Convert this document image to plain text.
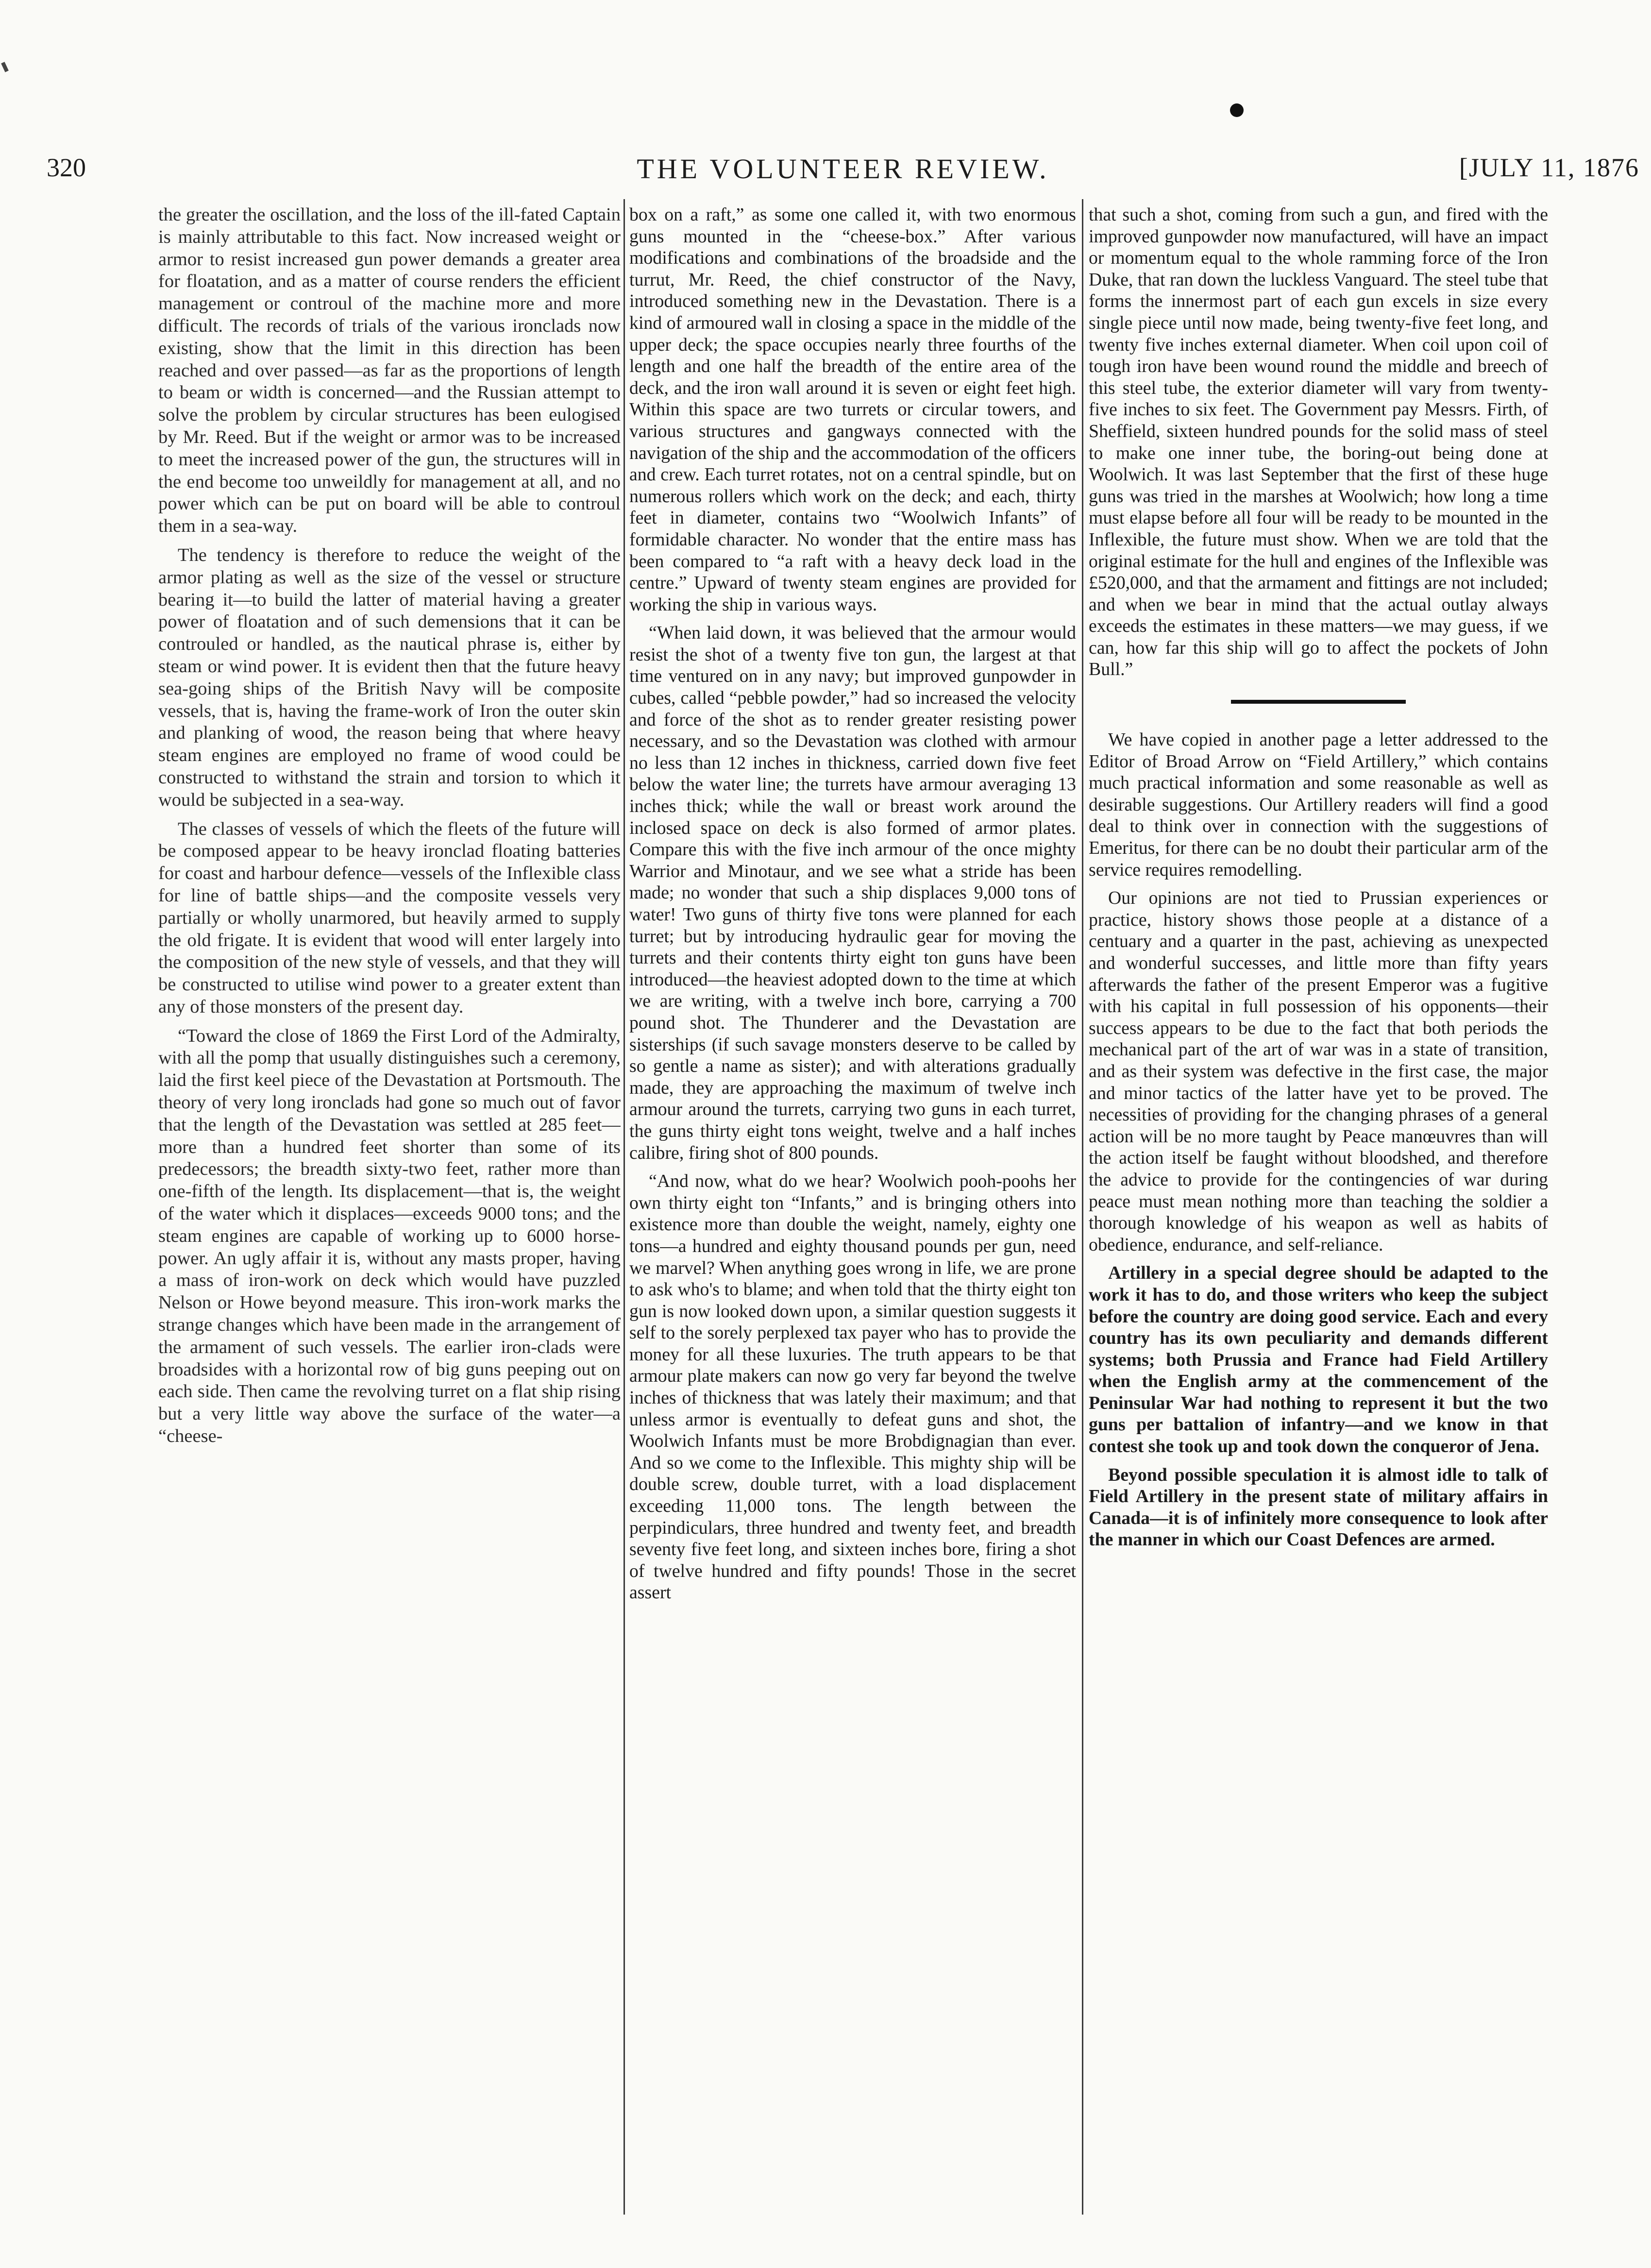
320	THE VOLUNTEER REVIEW.	[JULY 11, 1876

the greater the oscillation, and the loss of the ill-fated Captain is mainly attributable to this fact. Now increased weight or armor to resist increased gun power demands a greater area for floatation, and as a matter of course renders the efficient management or controul of the machine more and more difficult. The records of trials of the various ironclads now existing, show that the limit in this direction has been reached and over passed—as far as the proportions of length to beam or width is concerned—and the Russian attempt to solve the problem by circular structures has been eulogised by Mr. Reed. But if the weight or armor was to be increased to meet the increased power of the gun, the structures will in the end become too unweildly for management at all, and no power which can be put on board will be able to controul them in a sea-way.

The tendency is therefore to reduce the weight of the armor plating as well as the size of the vessel or structure bearing it—to build the latter of material having a greater power of floatation and of such demensions that it can be controuled or handled, as the nautical phrase is, either by steam or wind power. It is evident then that the future heavy sea-going ships of the British Navy will be composite vessels, that is, having the frame-work of Iron the outer skin and planking of wood, the reason being that where heavy steam engines are employed no frame of wood could be constructed to withstand the strain and torsion to which it would be subjected in a sea-way.

The classes of vessels of which the fleets of the future will be composed appear to be heavy ironclad floating batteries for coast and harbour defence—vessels of the Inflexible class for line of battle ships—and the composite vessels very partially or wholly unarmored, but heavily armed to supply the old frigate. It is evident that wood will enter largely into the composition of the new style of vessels, and that they will be constructed to utilise wind power to a greater extent than any of those monsters of the present day.

“Toward the close of 1869 the First Lord of the Admiralty, with all the pomp that usually distinguishes such a ceremony, laid the first keel piece of the Devastation at Portsmouth. The theory of very long ironclads had gone so much out of favor that the length of the Devastation was settled at 285 feet—more than a hundred feet shorter than some of its predecessors; the breadth sixty-two feet, rather more than one-fifth of the length. Its displacement—that is, the weight of the water which it displaces—exceeds 9000 tons; and the steam engines are capable of working up to 6000 horse-power. An ugly affair it is, without any masts proper, having a mass of iron-work on deck which would have puzzled Nelson or Howe beyond measure. This iron-work marks the strange changes which have been made in the arrangement of the armament of such vessels. The earlier iron-clads were broadsides with a horizontal row of big guns peeping out on each side. Then came the revolving turret on a flat ship rising but a very little way above the surface of the water—a “cheese-

box on a raft,” as some one called it, with two enormous guns mounted in the “cheese-box.” After various modifications and combinations of the broadside and the turrut, Mr. Reed, the chief constructor of the Navy, introduced something new in the Devastation. There is a kind of armoured wall in closing a space in the middle of the upper deck; the space occupies nearly three fourths of the length and one half the breadth of the entire area of the deck, and the iron wall around it is seven or eight feet high. Within this space are two turrets or circular towers, and various structures and gangways connected with the navigation of the ship and the accommodation of the officers and crew. Each turret rotates, not on a central spindle, but on numerous rollers which work on the deck; and each, thirty feet in diameter, contains two “Woolwich Infants” of formidable character. No wonder that the entire mass has been compared to “a raft with a heavy deck load in the centre.” Upward of twenty steam engines are provided for working the ship in various ways.

“When laid down, it was believed that the armour would resist the shot of a twenty five ton gun, the largest at that time ventured on in any navy; but improved gunpowder in cubes, called “pebble powder,” had so increased the velocity and force of the shot as to render greater resisting power necessary, and so the Devastation was clothed with armour no less than 12 inches in thickness, carried down five feet below the water line; the turrets have armour averaging 13 inches thick; while the wall or breast work around the inclosed space on deck is also formed of armor plates. Compare this with the five inch armour of the once mighty Warrior and Minotaur, and we see what a stride has been made; no wonder that such a ship displaces 9,000 tons of water! Two guns of thirty five tons were planned for each turret; but by introducing hydraulic gear for moving the turrets and their contents thirty eight ton guns have been introduced—the heaviest adopted down to the time at which we are writing, with a twelve inch bore, carrying a 700 pound shot. The Thunderer and the Devastation are sisterships (if such savage monsters deserve to be called by so gentle a name as sister); and with alterations gradually made, they are approaching the maximum of twelve inch armour around the turrets, carrying two guns in each turret, the guns thirty eight tons weight, twelve and a half inches calibre, firing shot of 800 pounds.

“And now, what do we hear? Woolwich pooh-poohs her own thirty eight ton “Infants,” and is bringing others into existence more than double the weight, namely, eighty one tons—a hundred and eighty thousand pounds per gun, need we marvel? When anything goes wrong in life, we are prone to ask who's to blame; and when told that the thirty eight ton gun is now looked down upon, a similar question suggests it self to the sorely perplexed tax payer who has to provide the money for all these luxuries. The truth appears to be that armour plate makers can now go very far beyond the twelve inches of thickness that was lately their maximum; and that unless armor is eventually to defeat guns and shot, the Woolwich Infants must be more Brobdignagian than ever. And so we come to the Inflexible. This mighty ship will be double screw, double turret, with a load displacement exceeding 11,000 tons. The length between the perpindiculars, three hundred and twenty feet, and breadth seventy five feet long, and sixteen inches bore, firing a shot of twelve hundred and fifty pounds! Those in the secret assert

that such a shot, coming from such a gun, and fired with the improved gunpowder now manufactured, will have an impact or momentum equal to the whole ramming force of the Iron Duke, that ran down the luckless Vanguard. The steel tube that forms the innermost part of each gun excels in size every single piece until now made, being twenty-five feet long, and twenty five inches external diameter. When coil upon coil of tough iron have been wound round the middle and breech of this steel tube, the exterior diameter will vary from twenty-five inches to six feet. The Government pay Messrs. Firth, of Sheffield, sixteen hundred pounds for the solid mass of steel to make one inner tube, the boring-out being done at Woolwich. It was last September that the first of these huge guns was tried in the marshes at Woolwich; how long a time must elapse before all four will be ready to be mounted in the Inflexible, the future must show. When we are told that the original estimate for the hull and engines of the Inflexible was £520,000, and that the armament and fittings are not included; and when we bear in mind that the actual outlay always exceeds the estimates in these matters—we may guess, if we can, how far this ship will go to affect the pockets of John Bull.”

We have copied in another page a letter addressed to the Editor of Broad Arrow on “Field Artillery,” which contains much practical information and some reasonable as well as desirable suggestions. Our Artillery readers will find a good deal to think over in connection with the suggestions of Emeritus, for there can be no doubt their particular arm of the service requires remodelling.

Our opinions are not tied to Prussian experiences or practice, history shows those people at a distance of a centuary and a quarter in the past, achieving as unexpected and wonderful successes, and little more than fifty years afterwards the father of the present Emperor was a fugitive with his capital in full possession of his opponents—their success appears to be due to the fact that both periods the mechanical part of the art of war was in a state of transition, and as their system was defective in the first case, the major and minor tactics of the latter have yet to be proved. The necessities of providing for the changing phrases of a general action will be no more taught by Peace manœuvres than will the action itself be faught without bloodshed, and therefore the advice to provide for the contingencies of war during peace must mean nothing more than teaching the soldier a thorough knowledge of his weapon as well as habits of obedience, endurance, and self-reliance.

Artillery in a special degree should be adapted to the work it has to do, and those writers who keep the subject before the country are doing good service. Each and every country has its own peculiarity and demands different systems; both Prussia and France had Field Artillery when the English army at the commencement of the Peninsular War had nothing to represent it but the two guns per battalion of infantry—and we know in that contest she took up and took down the conqueror of Jena.

Beyond possible speculation it is almost idle to talk of Field Artillery in the present state of military affairs in Canada—it is of infinitely more consequence to look after the manner in which our Coast Defences are armed.
